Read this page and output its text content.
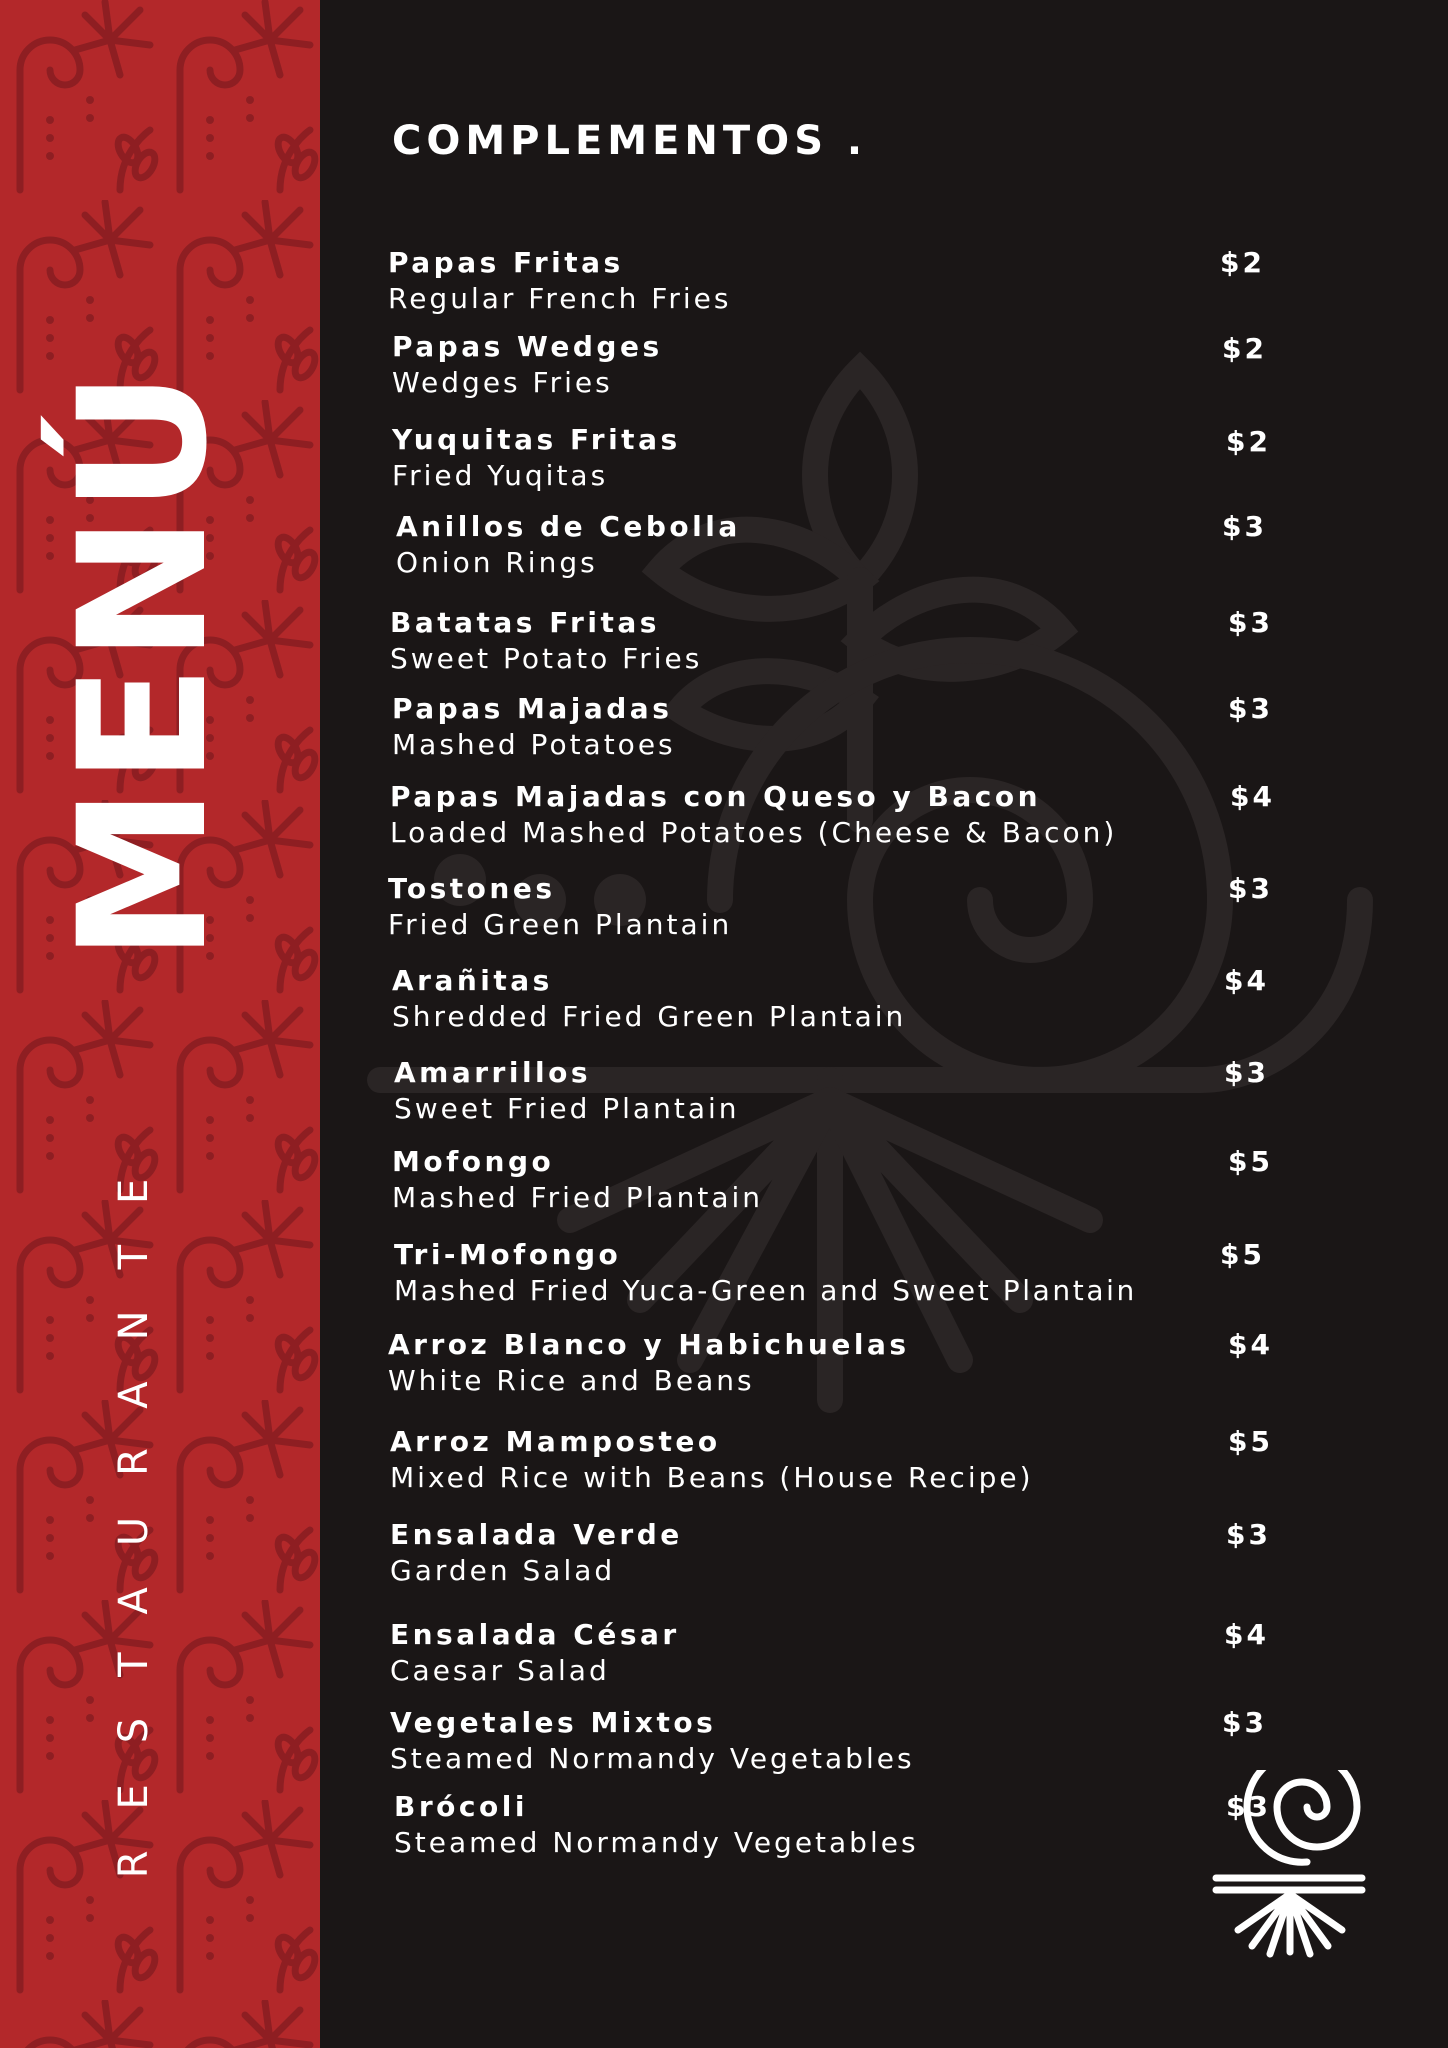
MENÚ
RESTAURANTE
COMPLEMENTOS .
Papas Fritas
Regular French Fries
$2
Papas Wedges
Wedges Fries
$2
Yuquitas Fritas
Fried Yuqitas
$2
Anillos de Cebolla
Onion Rings
$3
Batatas Fritas
Sweet Potato Fries
$3
Papas Majadas
Mashed Potatoes
$3
Papas Majadas con Queso y Bacon
Loaded Mashed Potatoes (Cheese & Bacon)
$4
Tostones
Fried Green Plantain
$3
Arañitas
Shredded Fried Green Plantain
$4
Amarrillos
Sweet Fried Plantain
$3
Mofongo
Mashed Fried Plantain
$5
Tri-Mofongo
Mashed Fried Yuca-Green and Sweet Plantain
$5
Arroz Blanco y Habichuelas
White Rice and Beans
$4
Arroz Mamposteo
Mixed Rice with Beans (House Recipe)
$5
Ensalada Verde
Garden Salad
$3
Ensalada César
Caesar Salad
$4
Vegetales Mixtos
Steamed Normandy Vegetables
$3
Brócoli
Steamed Normandy Vegetables
$3
